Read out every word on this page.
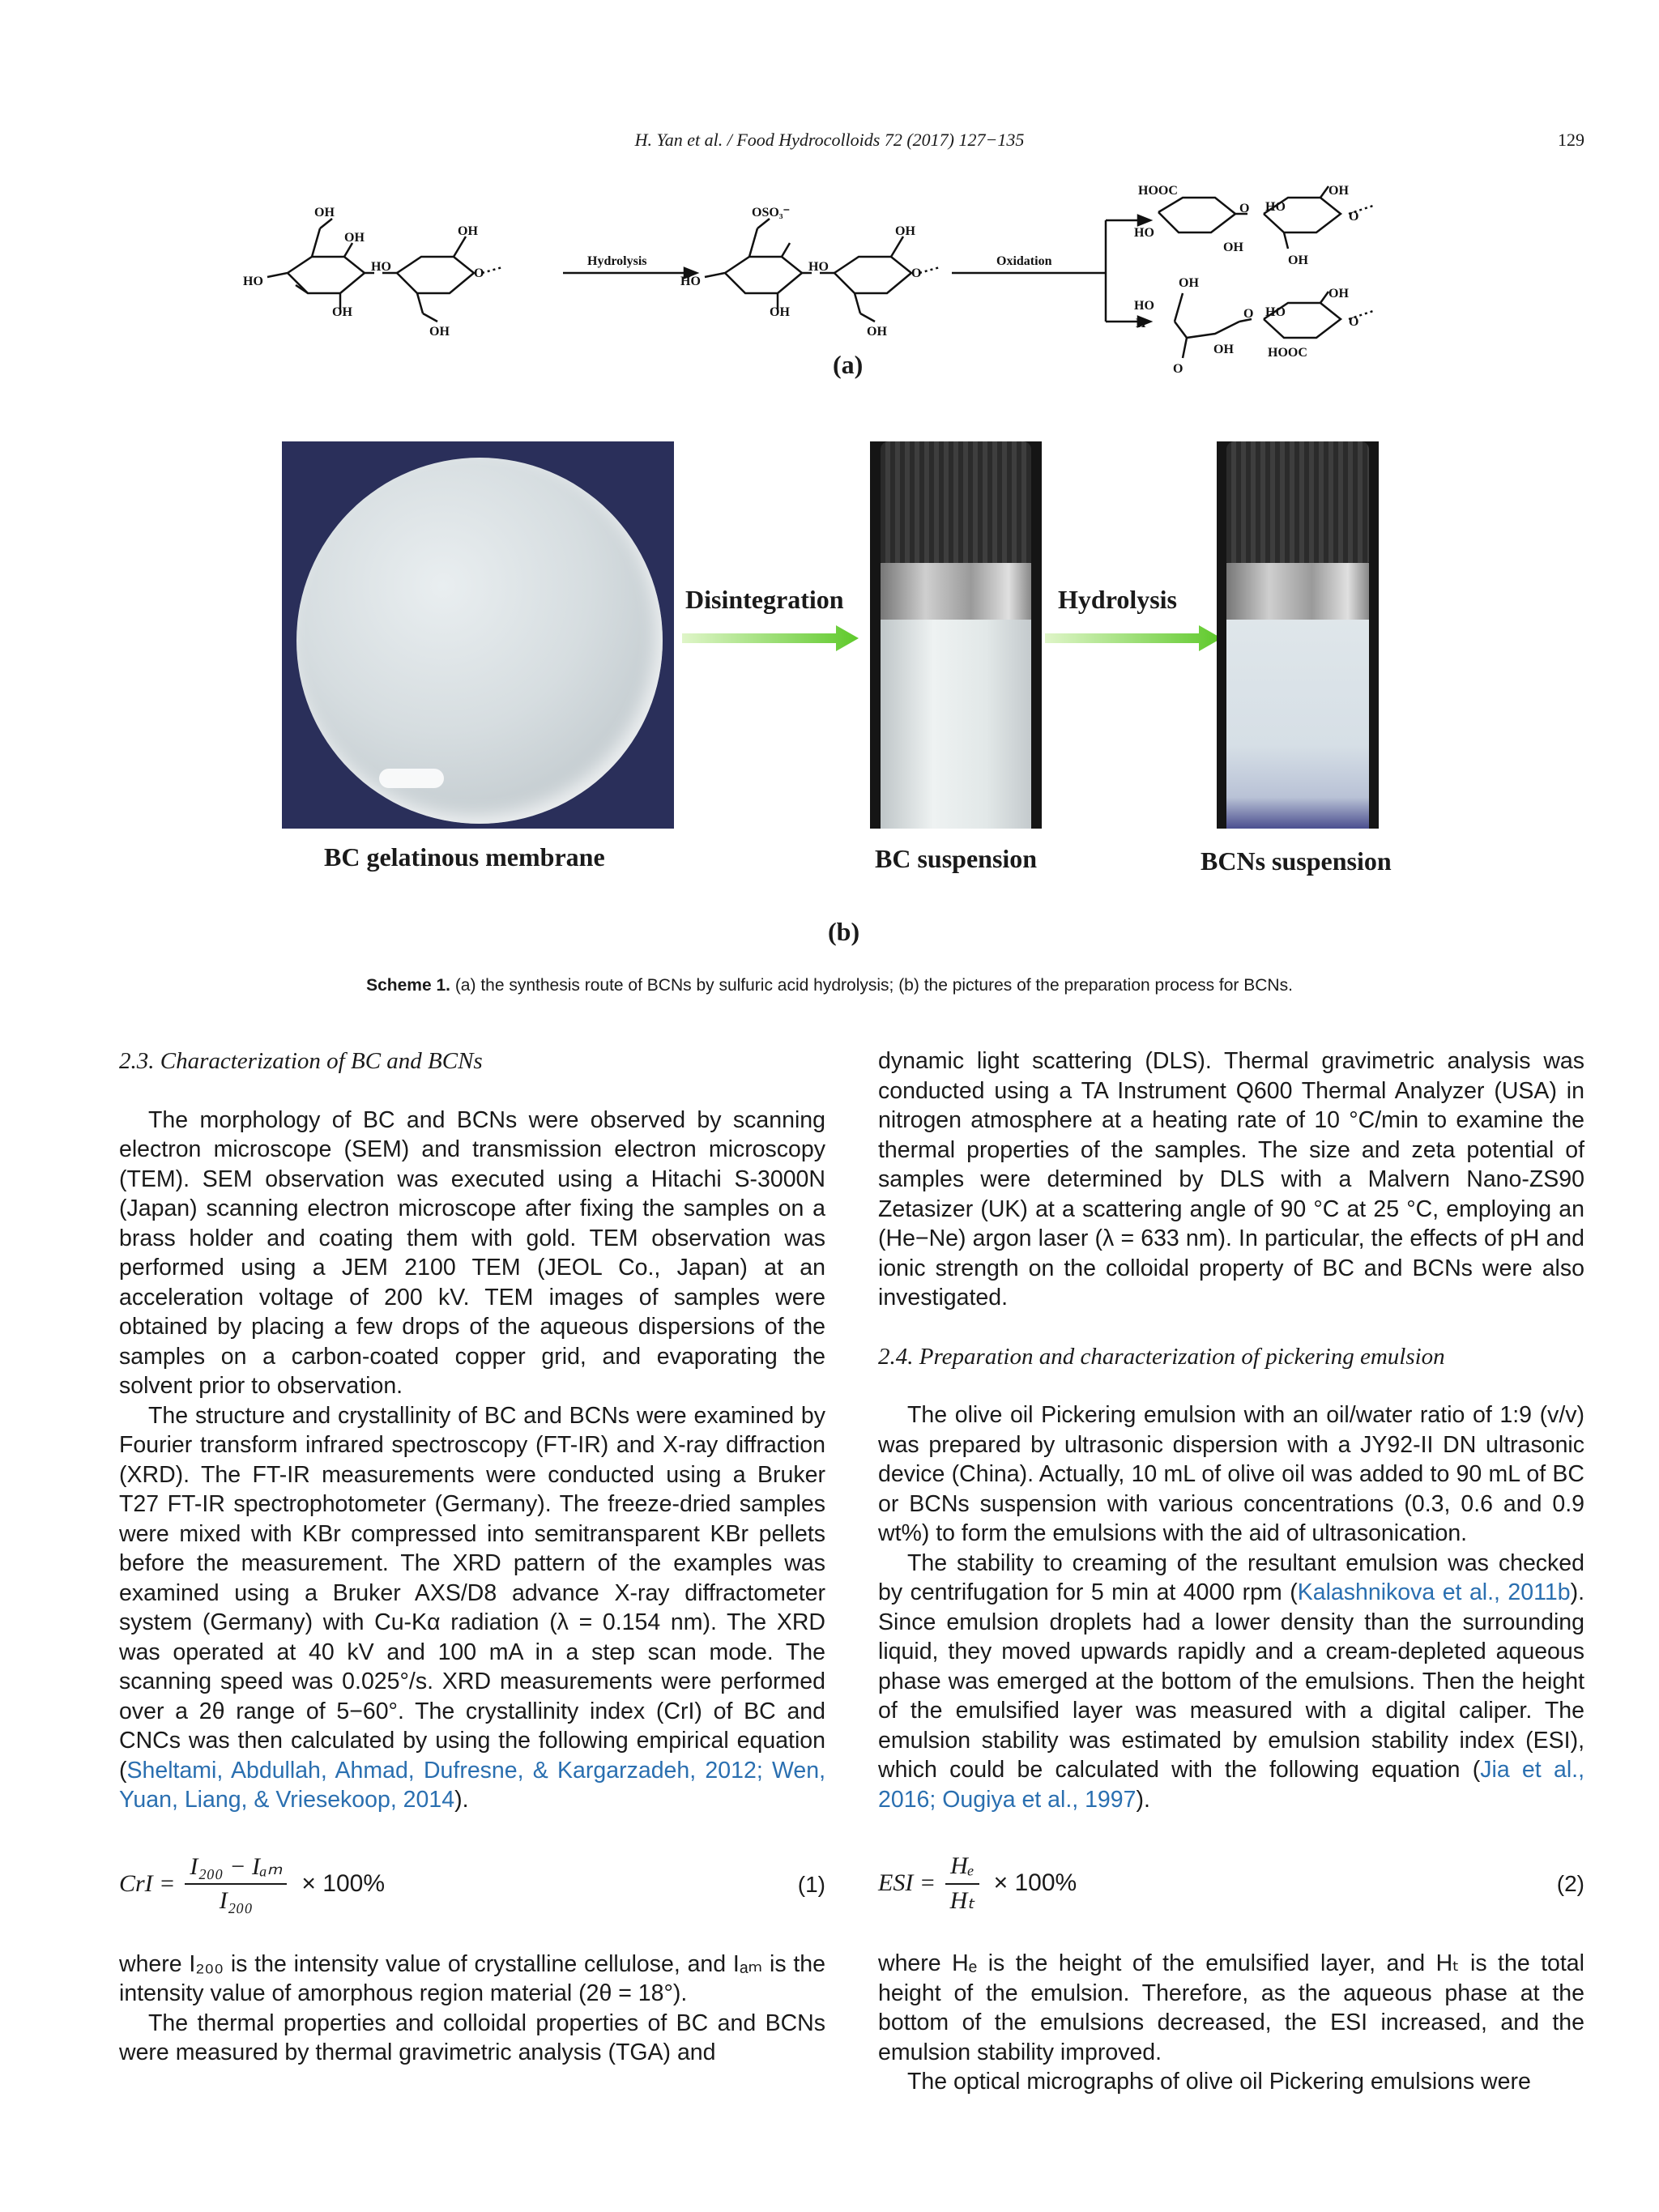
H. Yan et al. / Food Hydrocolloids 72 (2017) 127−135	129
OH
OH
HO
OH
HO
OH
OH
O
Hydrolysis
OSO₃⁻
HO
OH
HO
OH
OH
O
Oxidation
HOOC
HO
OH
O HO
OH
OH
O
OH
HO
H
O
OH
O HO
OH
HOOC
O
(a)
Disintegration	Hydrolysis
BC gelatinous membrane	BC suspension	BCNs suspension
(b)
Scheme 1. (a) the synthesis route of BCNs by sulfuric acid hydrolysis; (b) the pictures of the preparation process for BCNs.
2.3. Characterization of BC and BCNs

The morphology of BC and BCNs were observed by scanning electron microscope (SEM) and transmission electron microscopy (TEM). SEM observation was executed using a Hitachi S-3000N (Japan) scanning electron microscope after fixing the samples on a brass holder and coating them with gold. TEM observation was performed using a JEM 2100 TEM (JEOL Co., Japan) at an acceleration voltage of 200 kV. TEM images of samples were obtained by placing a few drops of the aqueous dispersions of the samples on a carbon-coated copper grid, and evaporating the solvent prior to observation.

The structure and crystallinity of BC and BCNs were examined by Fourier transform infrared spectroscopy (FT-IR) and X-ray diffraction (XRD). The FT-IR measurements were conducted using a Bruker T27 FT-IR spectrophotometer (Germany). The freeze-dried samples were mixed with KBr compressed into semitransparent KBr pellets before the measurement. The XRD pattern of the examples was examined using a Bruker AXS/D8 advance X-ray diffractometer system (Germany) with Cu-Kα radiation (λ = 0.154 nm). The XRD was operated at 40 kV and 100 mA in a step scan mode. The scanning speed was 0.025°/s. XRD measurements were performed over a 2θ range of 5−60°. The crystallinity index (CrI) of BC and CNCs was then calculated by using the following empirical equation (Sheltami, Abdullah, Ahmad, Dufresne, & Kargarzadeh, 2012; Wen, Yuan, Liang, & Vriesekoop, 2014).

CrI = $\frac{\text{I₂₀₀ − Iₐₘ}}{\text{I₂₀₀}} \times 100\%$	(1)

where I₂₀₀ is the intensity value of crystalline cellulose, and Iₐₘ is the intensity value of amorphous region material (2θ = 18°).

The thermal properties and colloidal properties of BC and BCNs were measured by thermal gravimetric analysis (TGA) and

dynamic light scattering (DLS). Thermal gravimetric analysis was conducted using a TA Instrument Q600 Thermal Analyzer (USA) in nitrogen atmosphere at a heating rate of 10 °C/min to examine the thermal properties of the samples. The size and zeta potential of samples were determined by DLS with a Malvern Nano-ZS90 Zetasizer (UK) at a scattering angle of 90 °C at 25 °C, employing an (He−Ne) argon laser (λ = 633 nm). In particular, the effects of pH and ionic strength on the colloidal property of BC and BCNs were also investigated.

2.4. Preparation and characterization of pickering emulsion

The olive oil Pickering emulsion with an oil/water ratio of 1:9 (v/v) was prepared by ultrasonic dispersion with a JY92-II DN ultrasonic device (China). Actually, 10 mL of olive oil was added to 90 mL of BC or BCNs suspension with various concentrations (0.3, 0.6 and 0.9 wt%) to form the emulsions with the aid of ultrasonication.

The stability to creaming of the resultant emulsion was checked by centrifugation for 5 min at 4000 rpm (Kalashnikova et al., 2011b). Since emulsion droplets had a lower density than the surrounding liquid, they moved upwards rapidly and a cream-depleted aqueous phase was emerged at the bottom of the emulsions. Then the height of the emulsified layer was measured with a digital caliper. The emulsion stability was estimated by emulsion stability index (ESI), which could be calculated with the following equation (Jia et al., 2016; Ougiya et al., 1997).

ESI = $\frac{\text{Hₑ}}{\text{Hₜ}} \times 100\%$	(2)

where Hₑ is the height of the emulsified layer, and Hₜ is the total height of the emulsion. Therefore, as the aqueous phase at the bottom of the emulsions decreased, the ESI increased, and the emulsion stability improved.

The optical micrographs of olive oil Pickering emulsions were
